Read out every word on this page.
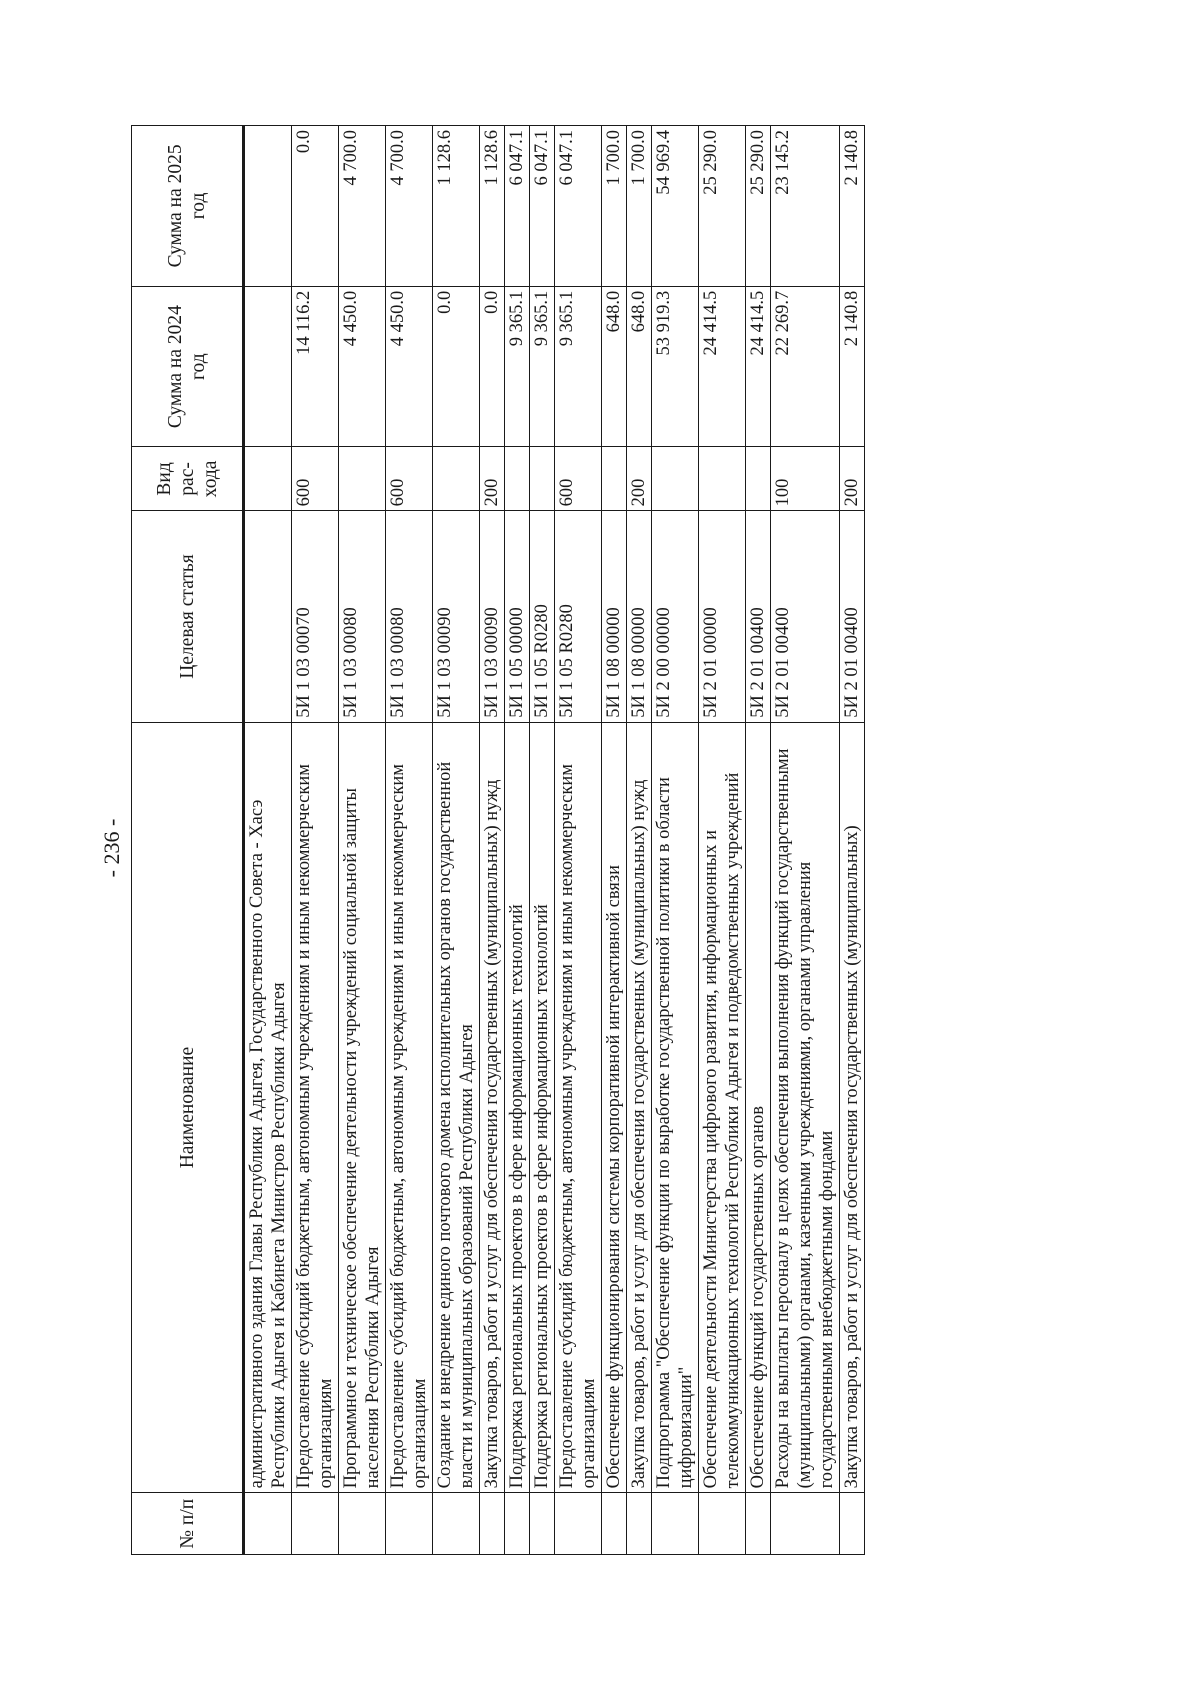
- 236 -
№ п/п	Наименование	Целевая статья	Вид рас- хода	Сумма на 2024 год	Сумма на 2025 год
	административного здания Главы Республики Адыгея, Государственного Совета - Хасэ Республики Адыгея и Кабинета Министров Республики Адыгея				
	Предоставление субсидий бюджетным, автономным учреждениям и иным некоммерческим организациям	5И 1 03 00070	600	14 116.2	0.0
	Программное и техническое обеспечение деятельности учреждений социальной защиты населения Республики Адыгея	5И 1 03 00080		4 450.0	4 700.0
	Предоставление субсидий бюджетным, автономным учреждениям и иным некоммерческим организациям	5И 1 03 00080	600	4 450.0	4 700.0
	Создание и внедрение единого почтового домена исполнительных органов государственной власти и муниципальных образований Республики Адыгея	5И 1 03 00090		0.0	1 128.6
	Закупка товаров, работ и услуг для обеспечения государственных (муниципальных) нужд	5И 1 03 00090	200	0.0	1 128.6
	Поддержка региональных проектов в сфере информационных технологий	5И 1 05 00000		9 365.1	6 047.1
	Поддержка региональных проектов в сфере информационных технологий	5И 1 05 R0280		9 365.1	6 047.1
	Предоставление субсидий бюджетным, автономным учреждениям и иным некоммерческим организациям	5И 1 05 R0280	600	9 365.1	6 047.1
	Обеспечение функционирования системы корпоративной интерактивной связи	5И 1 08 00000		648.0	1 700.0
	Закупка товаров, работ и услуг для обеспечения государственных (муниципальных) нужд	5И 1 08 00000	200	648.0	1 700.0
	Подпрограмма "Обеспечение функции по выработке государственной политики в области цифровизации"	5И 2 00 00000		53 919.3	54 969.4
	Обеспечение деятельности Министерства цифрового развития, информационных и телекоммуникационных технологий Республики Адыгея и подведомственных учреждений	5И 2 01 00000		24 414.5	25 290.0
	Обеспечение функций государственных органов	5И 2 01 00400		24 414.5	25 290.0
	Расходы на выплаты персоналу в целях обеспечения выполнения функций государственными (муниципальными) органами, казенными учреждениями, органами управления государственными внебюджетными фондами	5И 2 01 00400	100	22 269.7	23 145.2
	Закупка товаров, работ и услуг для обеспечения государственных (муниципальных)	5И 2 01 00400	200	2 140.8	2 140.8
